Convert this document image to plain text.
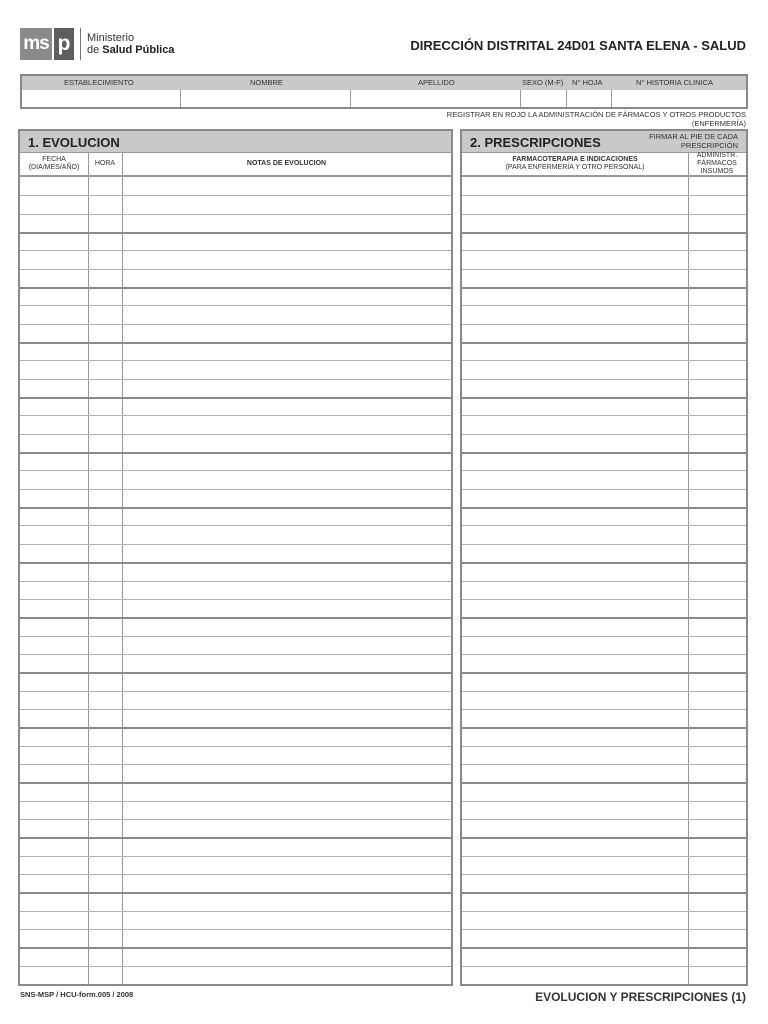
ms p	Ministerio
de Salud Pública	DIRECCIÓN DISTRITAL 24D01 SANTA ELENA - SALUD
ESTABLECIMIENTO	NOMBRE	APELLIDO	SEXO (M-F) N° HOJA	N° HISTORIA CLINICA
REGISTRAR EN ROJO LA ADMINISTRACIÓN DE FÁRMACOS Y OTROS PRODUCTOS (ENFERMERÍA)
1. EVOLUCION
FECHA
(DIA/MES/AÑO)
HORA	NOTAS DE EVOLUCION
2. PRESCRIPCIONES	FIRMAR AL PIE DE CADA PRESCRIPCIÓN
FARMACOTERAPIA E INDICACIONES
(PARA ENFERMERÍA Y OTRO PERSONAL)
ADMINISTR.
FÁRMACOS
INSUMOS
SNS-MSP / HCU-form.005 / 2008	EVOLUCION Y PRESCRIPCIONES (1)
